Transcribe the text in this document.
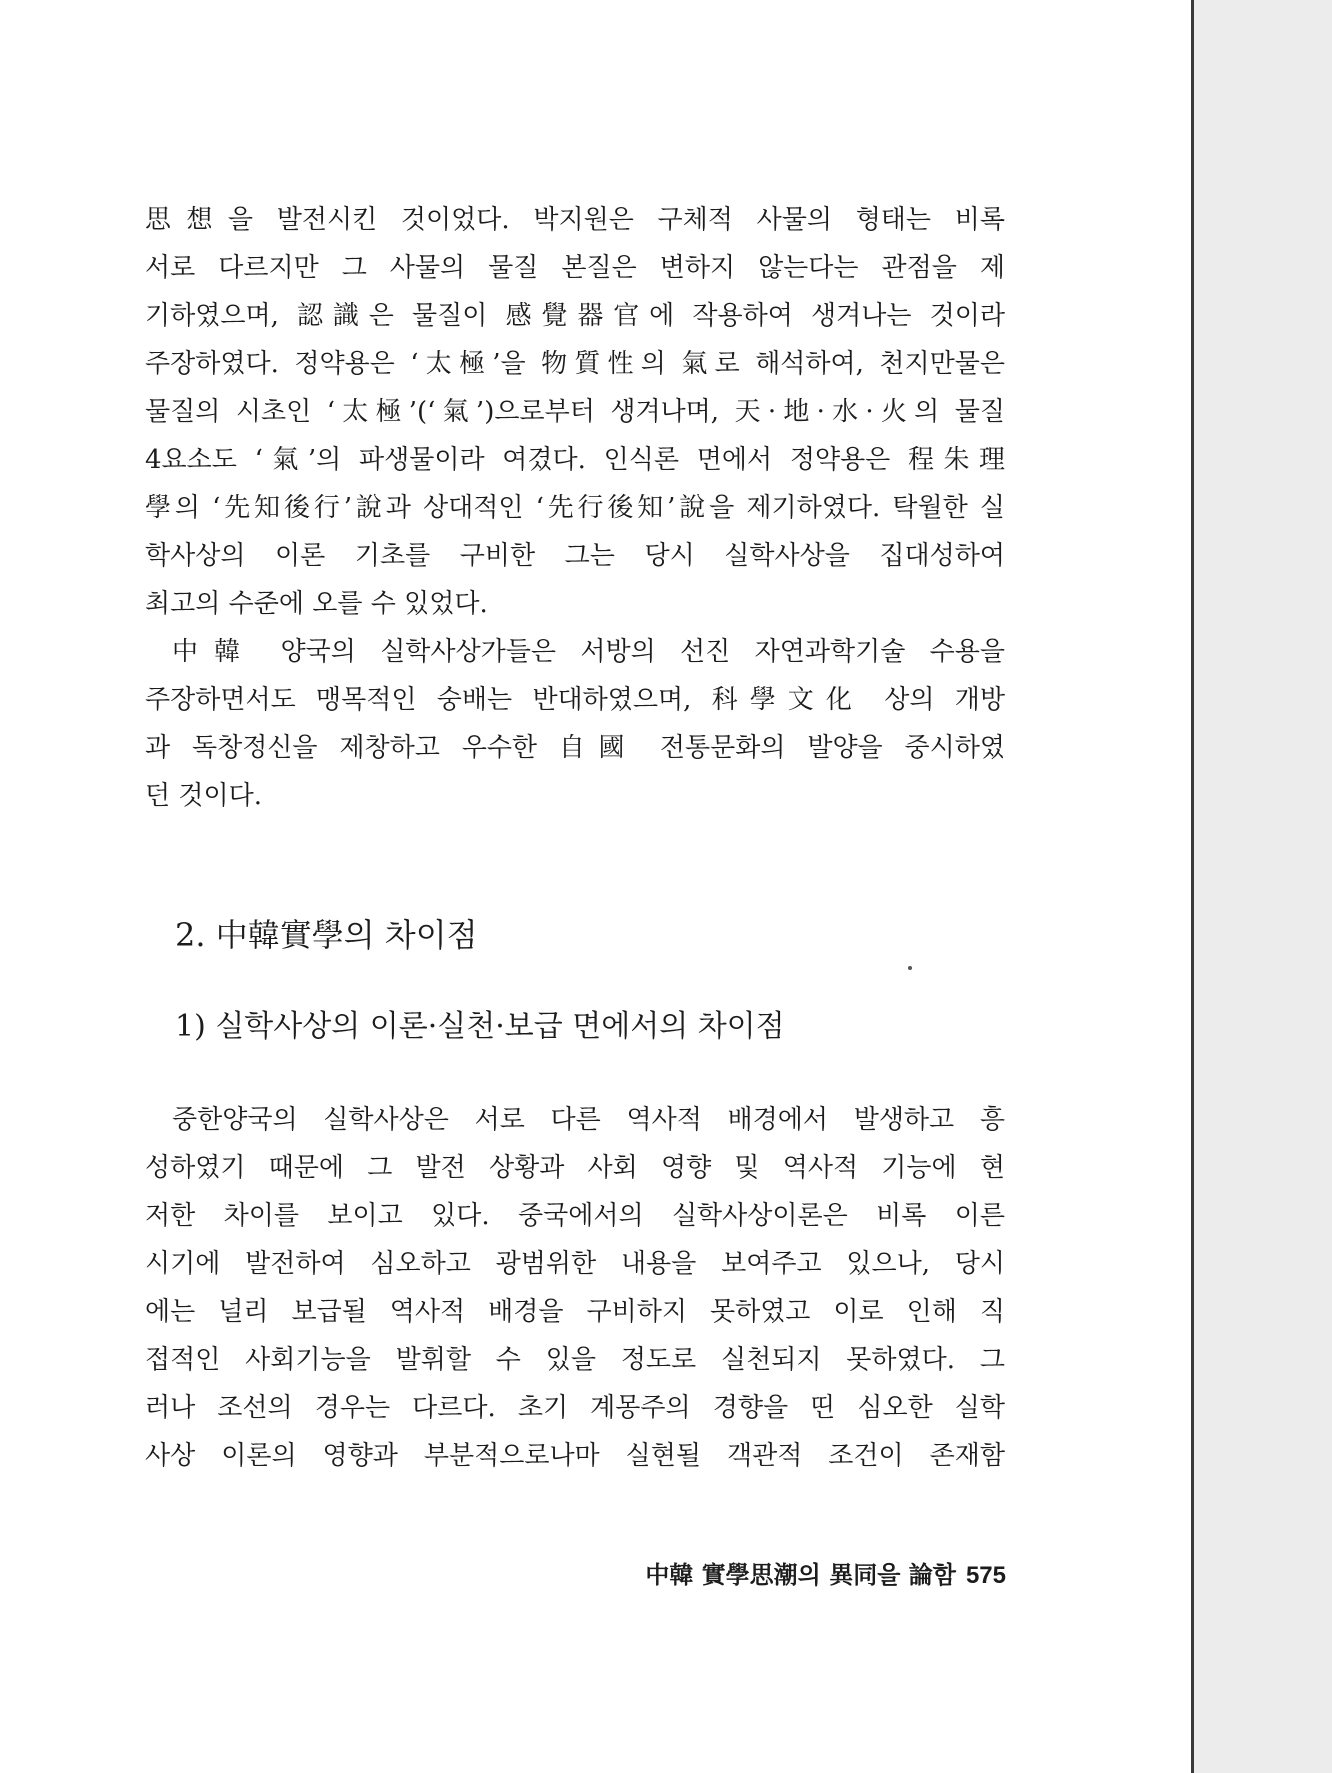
思想을 발전시킨 것이었다. 박지원은 구체적 사물의 형태는 비록
서로 다르지만 그 사물의 물질 본질은 변하지 않는다는 관점을 제
기하였으며, 認識은 물질이 感覺器官에 작용하여 생겨나는 것이라
주장하였다. 정약용은 ‘太極’을 物質性의 氣로 해석하여, 천지만물은
물질의 시초인 ‘太極’(‘氣’)으로부터 생겨나며, 天·地·水·火의 물질
4요소도 ‘氣’의 파생물이라 여겼다. 인식론 면에서 정약용은 程朱理
學의 ‘先知後行’說과 상대적인 ‘先行後知’說을 제기하였다. 탁월한 실
학사상의 이론 기초를 구비한 그는 당시 실학사상을 집대성하여
최고의 수준에 오를 수 있었다.
中韓 양국의 실학사상가들은 서방의 선진 자연과학기술 수용을
주장하면서도 맹목적인 숭배는 반대하였으며, 科學文化 상의 개방
과 독창정신을 제창하고 우수한 自國 전통문화의 발양을 중시하였
던 것이다.
2. 中韓實學의 차이점
1) 실학사상의 이론·실천·보급 면에서의 차이점
중한양국의 실학사상은 서로 다른 역사적 배경에서 발생하고 흥
성하였기 때문에 그 발전 상황과 사회 영향 및 역사적 기능에 현
저한 차이를 보이고 있다. 중국에서의 실학사상이론은 비록 이른
시기에 발전하여 심오하고 광범위한 내용을 보여주고 있으나, 당시
에는 널리 보급될 역사적 배경을 구비하지 못하였고 이로 인해 직
접적인 사회기능을 발휘할 수 있을 정도로 실천되지 못하였다. 그
러나 조선의 경우는 다르다. 초기 계몽주의 경향을 띤 심오한 실학
사상 이론의 영향과 부분적으로나마 실현될 객관적 조건이 존재함
中韓 實學思潮의 異同을 論함 575
